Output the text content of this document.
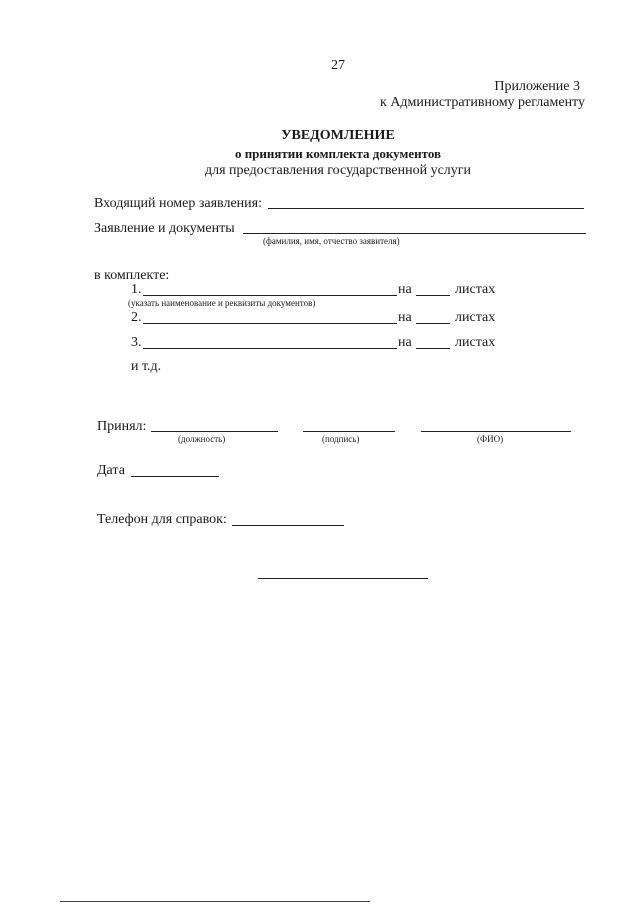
27
Приложение 3
к Административному регламенту
УВЕДОМЛЕНИЕ
о принятии комплекта документов
для предоставления государственной услуги
Входящий номер заявления:
Заявление и документы
(фамилия, имя, отчество заявителя)
в комплекте:
1.	на	листах
(указать наименование и реквизиты документов)
2.	на	листах
3.	на	листах
и т.д.
Принял:
(должность)	(подпись)	(ФИО)
Дата
Телефон для справок:
